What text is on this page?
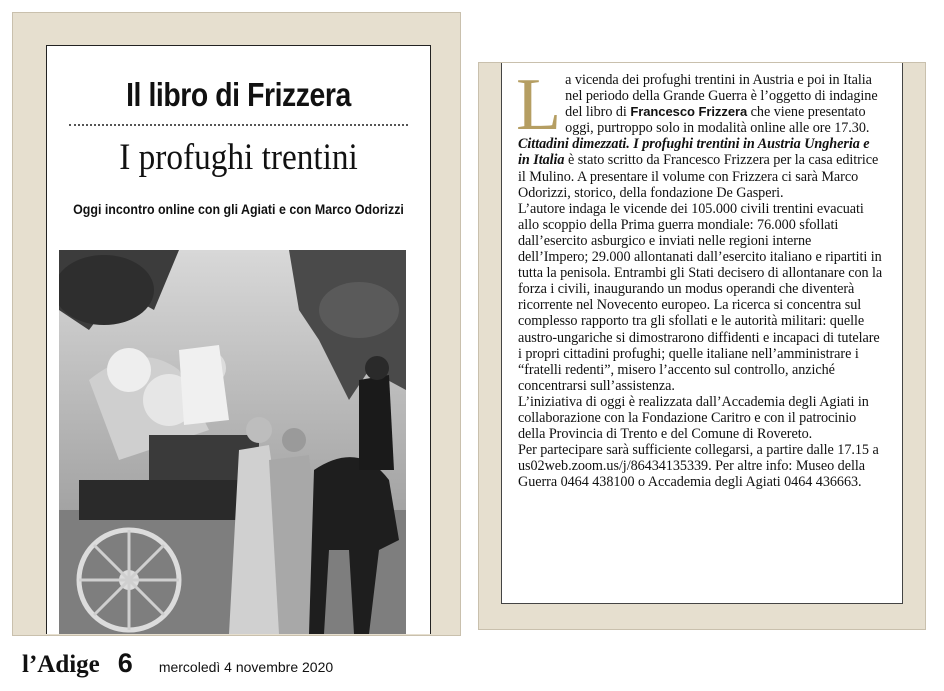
Il libro di Frizzera
I profughi trentini
Oggi incontro online con gli Agiati e con Marco Odorizzi

La vicenda dei profughi trentini in Austria e poi in Italia nel periodo della Grande Guerra è l’oggetto di indagine del libro di Francesco Frizzera che viene presentato oggi, purtroppo solo in modalità online alle ore 17.30.

Cittadini dimezzati. I profughi trentini in Austria Ungheria e in Italia è stato scritto da Francesco Frizzera per la casa editrice il Mulino. A presentare il volume con Frizzera ci sarà Marco Odorizzi, storico, della fondazione De Gasperi.

L’autore indaga le vicende dei 105.000 civili trentini evacuati allo scoppio della Prima guerra mondiale: 76.000 sfollati dall’esercito asburgico e inviati nelle regioni interne dell’Impero; 29.000 allontanati dall’esercito italiano e ripartiti in tutta la penisola. Entrambi gli Stati decisero di allontanare con la forza i civili, inaugurando un modus operandi che diventerà ricorrente nel Novecento europeo. La ricerca si concentra sul complesso rapporto tra gli sfollati e le autorità militari: quelle austro-ungariche si dimostrarono diffidenti e incapaci di tutelare i propri cittadini profughi; quelle italiane nell’amministrare i “fratelli redenti”, misero l’accento sul controllo, anziché concentrarsi sull’assistenza.

L’iniziativa di oggi è realizzata dall’Accademia degli Agiati in collaborazione con la Fondazione Caritro e con il patrocinio della Provincia di Trento e del Comune di Rovereto.

Per partecipare sarà sufficiente collegarsi, a partire dalle 17.15 a us02web.zoom.us/j/86434135339. Per altre info: Museo della Guerra 0464 438100 o Accademia degli Agiati 0464 436663.

l’Adige 6 mercoledì 4 novembre 2020
